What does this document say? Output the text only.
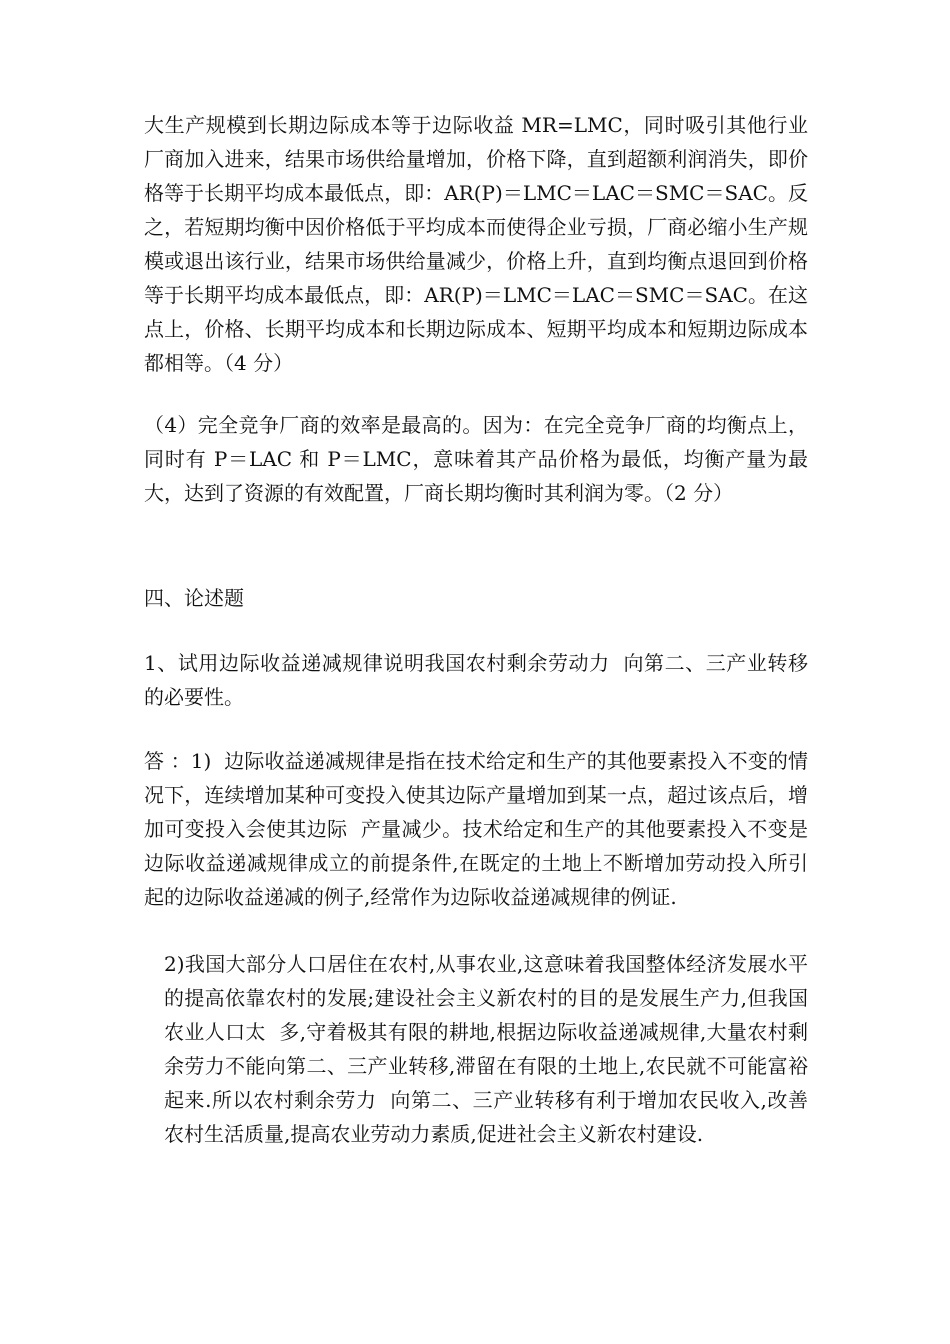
大生产规模到长期边际成本等于边际收益 MR=LMC，同时吸引其他行业厂商加入进来，结果市场供给量增加，价格下降，直到超额利润消失，即价格等于长期平均成本最低点，即：AR(P)＝LMC＝LAC＝SMC＝SAC。反之，若短期均衡中因价格低于平均成本而使得企业亏损，厂商必缩小生产规模或退出该行业，结果市场供给量减少，价格上升，直到均衡点退回到价格等于长期平均成本最低点，即：AR(P)＝LMC＝LAC＝SMC＝SAC。在这点上，价格、长期平均成本和长期边际成本、短期平均成本和短期边际成本都相等。（4 分）

（4）完全竞争厂商的效率是最高的。因为：在完全竞争厂商的均衡点上，同时有 P＝LAC 和 P＝LMC，意味着其产品价格为最低，均衡产量为最大，达到了资源的有效配置，厂商长期均衡时其利润为零。（2 分）

四、论述题

1、试用边际收益递减规律说明我国农村剩余劳动力  向第二、三产业转移的必要性。

答 ：1)  边际收益递减规律是指在技术给定和生产的其他要素投入不变的情况下，连续增加某种可变投入使其边际产量增加到某一点，超过该点后，增加可变投入会使其边际  产量减少。技术给定和生产的其他要素投入不变是边际收益递减规律成立的前提条件,在既定的土地上不断增加劳动投入所引起的边际收益递减的例子,经常作为边际收益递减规律的例证.

2)我国大部分人口居住在农村,从事农业,这意味着我国整体经济发展水平的提高依靠农村的发展;建设社会主义新农村的目的是发展生产力,但我国农业人口太  多,守着极其有限的耕地,根据边际收益递减规律,大量农村剩余劳力不能向第二、三产业转移,滞留在有限的土地上,农民就不可能富裕起来.所以农村剩余劳力  向第二、三产业转移有利于增加农民收入,改善农村生活质量,提高农业劳动力素质,促进社会主义新农村建设.
